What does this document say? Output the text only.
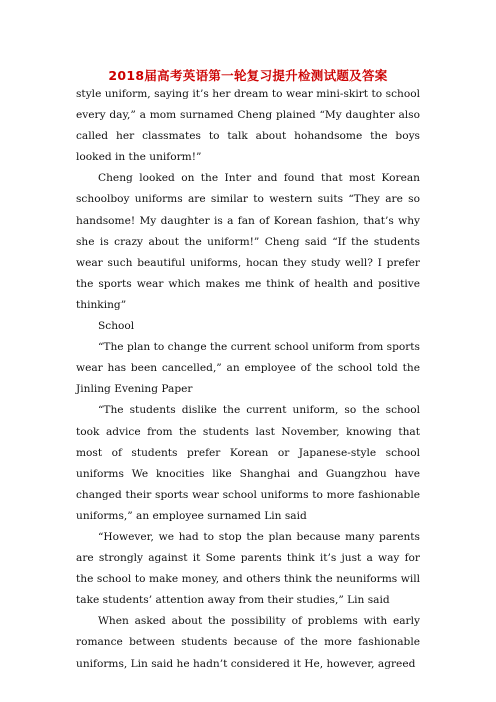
2018届高考英语第一轮复习提升检测试题及答案

style uniform, saying it’s her dream to wear mini-skirt to school every day,” a mom surnamed Cheng plained “My daughter also called her classmates to talk about hohandsome the boys looked in the uniform!”

Cheng looked on the Inter and found that most Korean schoolboy uniforms are similar to western suits “They are so handsome! My daughter is a fan of Korean fashion, that’s why she is crazy about the uniform!” Cheng said “If the students wear such beautiful uniforms, hocan they study well? I prefer the sports wear which makes me think of health and positive thinking”

School

“The plan to change the current school uniform from sports wear has been cancelled,” an employee of the school told the Jinling Evening Paper

“The students dislike the current uniform, so the school took advice from the students last November, knowing that most of students prefer Korean or Japanese-style school uniforms We knocities like Shanghai and Guangzhou have changed their sports wear school uniforms to more fashionable uniforms,” an employee surnamed Lin said

“However, we had to stop the plan because many parents are strongly against it Some parents think it’s just a way for the school to make money, and others think the neuniforms will take students’ attention away from their studies,” Lin said

When asked about the possibility of problems with early romance between students because of the more fashionable uniforms, Lin said he hadn’t considered it He, however, agreed
